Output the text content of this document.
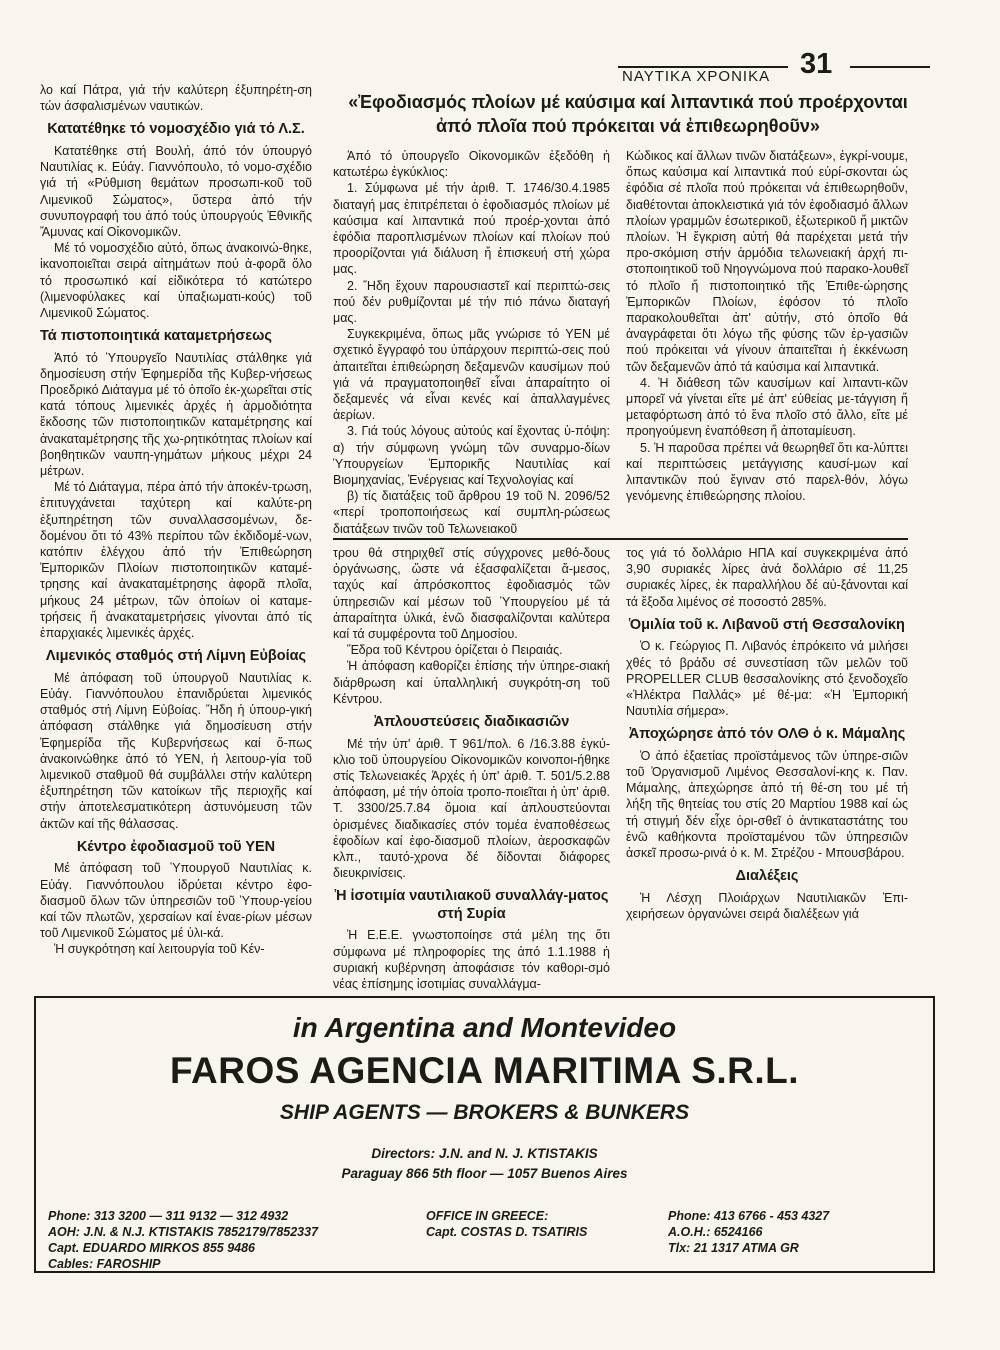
ΝΑΥΤΙΚΑ ΧΡΟΝΙΚΑ	31

λο καί Πάτρα, γιά τήν καλύτερη έξυπηρέτη-ση τών άσφαλισμένων ναυτικών.

Κατατέθηκε τό νομοσχέδιο γιά τό Λ.Σ.

Κατατέθηκε στή Βουλή, άπό τόν ύπουργό Ναυτιλίας κ. Εύάγ. Γιαννόπουλο, τό νομο-σχέδιο γιά τή «Ρύθμιση θεμάτων προσωπι-κοῦ τοῦ Λιμενικοῦ Σώματος», ὕστερα ἀπό τήν συνυπογραφή του ἀπό τούς ὑπουργούς Ἐθνικῆς Ἄμυνας καί Οἰκονομικῶν.

Μέ τό νομοσχέδιο αὐτό, ὅπως ἀνακοινώ-θηκε, ἱκανοποιεῖται σειρά αἰτημάτων πού ἀ-φορᾶ ὅλο τό προσωπικό καί εἰδικότερα τό κατώτερο (λιμενοφύλακες καί ὑπαξιωματι-κούς) τοῦ Λιμενικοῦ Σώματος.

Τά πιστοποιητικά καταμετρήσεως

Ἀπό τό Ὑπουργεῖο Ναυτιλίας στάλθηκε γιά δημοσίευση στήν Ἐφημερίδα τῆς Κυβερ-νήσεως Προεδρικό Διάταγμα μέ τό ὁποῖο ἐκ-χωρεῖται στίς κατά τόπους λιμενικές ἀρχές ἡ ἁρμοδιότητα ἔκδοσης τῶν πιστοποιητικῶν καταμέτρησης καί ἀνακαταμέτρησης τῆς χω-ρητικότητας πλοίων καί βοηθητικῶν ναυπη-γημάτων μήκους μέχρι 24 μέτρων.

Μέ τό Διάταγμα, πέρα ἀπό τήν ἀποκέν-τρωση, ἐπιτυγχάνεται ταχύτερη καί καλύτε-ρη ἐξυπηρέτηση τῶν συναλλασσομένων, δε-δομένου ὅτι τό 43% περίπου τῶν ἐκδιδομέ-νων, κατόπιν ἐλέγχου ἀπό τήν Ἐπιθεώρηση Ἐμπορικῶν Πλοίων πιστοποιητικῶν καταμέ-τρησης καί ἀνακαταμέτρησης ἀφορᾶ πλοῖα, μήκους 24 μέτρων, τῶν ὁποίων οἱ καταμε-τρήσεις ἤ ἀνακαταμετρήσεις γίνονται ἀπό τίς ἐπαρχιακές λιμενικές ἀρχές.

Λιμενικός σταθμός στή Λίμνη Εὐβοίας

Μέ ἀπόφαση τοῦ ὑπουργοῦ Ναυτιλίας κ. Εὐάγ. Γιαννόπουλου ἐπανιδρύεται λιμενικός σταθμός στή Λίμνη Εὐβοίας. Ἤδη ἡ ὑπουρ-γική ἀπόφαση στάλθηκε γιά δημοσίευση στήν Ἐφημερίδα τῆς Κυβερνήσεως καί ὅ-πως ἀνακοινώθηκε ἀπό τό ΥΕΝ, ἡ λειτουρ-γία τοῦ λιμενικοῦ σταθμοῦ θά συμβάλλει στήν καλύτερη ἐξυπηρέτηση τῶν κατοίκων τῆς περιοχῆς καί στήν ἀποτελεσματικότερη ἀστυνόμευση τῶν ἀκτῶν καί τῆς θάλασσας.

Κέντρο ἐφοδιασμοῦ τοῦ ΥΕΝ

Μέ ἀπόφαση τοῦ Ὑπουργοῦ Ναυτιλίας κ. Εὐάγ. Γιαννόπουλου ἱδρύεται κέντρο ἐφο-διασμοῦ ὅλων τῶν ὑπηρεσιῶν τοῦ Ὑπουρ-γείου καί τῶν πλωτῶν, χερσαίων καί ἐναε-ρίων μέσων τοῦ Λιμενικοῦ Σώματος μέ ὑλι-κά.

Ἡ συγκρότηση καί λειτουργία τοῦ Κέν-

«Ἐφοδιασμός πλοίων μέ καύσιμα καί λιπαντικά πού προέρχονται ἀπό πλοῖα πού πρόκειται νά ἐπιθεωρηθοῦν»

Ἀπό τό ὑπουργεῖο Οἰκονομικῶν ἐξεδόθη ἡ κατωτέρω ἐγκύκλιος:

1. Σύμφωνα μέ τήν ἀριθ. Τ. 1746/30.4.1985 διαταγή μας ἐπιτρέπεται ὁ ἐφοδιασμός πλοίων μέ καύσιμα καί λιπαντικά πού προέρ-χονται ἀπό ἐφόδια παροπλισμένων πλοίων καί πλοίων πού προορίζονται γιά διάλυση ἤ ἐπισκευή στή χώρα μας.

2. Ἤδη ἔχουν παρουσιαστεῖ καί περιπτώ-σεις πού δέν ρυθμίζονται μέ τήν πιό πάνω διαταγή μας.

Συγκεκριμένα, ὅπως μᾶς γνώρισε τό ΥΕΝ μέ σχετικό ἔγγραφό του ὑπάρχουν περιπτώ-σεις πού ἀπαιτεῖται ἐπιθεώρηση δεξαμενῶν καυσίμων πού γιά νά πραγματοποιηθεῖ εἶναι ἀπαραίτητο οἱ δεξαμενές νά εἶναι κενές καί ἀπαλλαγμένες ἀερίων.

3. Γιά τούς λόγους αὐτούς καί ἔχοντας ὑ-πόψη: α) τήν σύμφωνη γνώμη τῶν συναρμο-δίων Ὑπουργείων Ἐμπορικῆς Ναυτιλίας καί Βιομηχανίας, Ἐνέργειας καί Τεχνολογίας καί

β) τίς διατάξεις τοῦ ἄρθρου 19 τοῦ Ν. 2096/52 «περί τροποποιήσεως καί συμπλη-ρώσεως διατάξεων τινῶν τοῦ Τελωνειακοῦ

Κώδικος καί ἄλλων τινῶν διατάξεων», ἐγκρί-νουμε, ὅπως καύσιμα καί λιπαντικά πού εὑρί-σκονται ὡς ἐφόδια σέ πλοῖα πού πρόκειται νά ἐπιθεωρηθοῦν, διαθέτονται ἀποκλειστικά γιά τόν ἐφοδιασμό ἄλλων πλοίων γραμμῶν ἐσωτερικοῦ, ἐξωτερικοῦ ἤ μικτῶν πλοίων. Ἡ ἔγκριση αὐτή θά παρέχεται μετά τήν προ-σκόμιση στήν ἁρμόδια τελωνειακή ἀρχή πι-στοποιητικοῦ τοῦ Νηογνώμονα πού παρακο-λουθεῖ τό πλοῖο ἤ πιστοποιητικό τῆς Ἐπιθε-ώρησης Ἐμπορικῶν Πλοίων, ἐφόσον τό πλοῖο παρακολουθεῖται ἀπ' αὐτήν, στό ὁποῖο θά ἀναγράφεται ὅτι λόγω τῆς φύσης τῶν ἐρ-γασιῶν πού πρόκειται νά γίνουν ἀπαιτεῖται ἡ ἐκκένωση τῶν δεξαμενῶν ἀπό τά καύσιμα καί λιπαντικά.

4. Ἡ διάθεση τῶν καυσίμων καί λιπαντι-κῶν μπορεῖ νά γίνεται εἴτε μέ ἀπ' εὐθείας με-τάγγιση ἤ μεταφόρτωση ἀπό τό ἕνα πλοῖο στό ἄλλο, εἴτε μέ προηγούμενη ἐναπόθεση ἤ ἀποταμίευση.

5. Ἡ παροῦσα πρέπει νά θεωρηθεῖ ὅτι κα-λύπτει καί περιπτώσεις μετάγγισης καυσί-μων καί λιπαντικῶν πού ἔγιναν στό παρελ-θόν, λόγω γενόμενης ἐπιθεώρησης πλοίου.

τρου θά στηριχθεῖ στίς σύγχρονες μεθό-δους ὀργάνωσης, ὥστε νά ἐξασφαλίζεται ἄ-μεσος, ταχύς καί ἀπρόσκοπτος ἐφοδιασμός τῶν ὑπηρεσιῶν καί μέσων τοῦ Ὑπουργείου μέ τά ἀπαραίτητα ὑλικά, ἐνῶ διασφαλίζονται καλύτερα καί τά συμφέροντα τοῦ Δημοσίου.

Ἕδρα τοῦ Κέντρου ὁρίζεται ὁ Πειραιάς.

Ἡ ἀπόφαση καθορίζει ἐπίσης τήν ὑπηρε-σιακή διάρθρωση καί ὑπαλληλική συγκρότη-ση τοῦ Κέντρου.

Ἀπλουστεύσεις διαδικασιῶν

Μέ τήν ὑπ' ἀριθ. Τ 961/πολ. 6 /16.3.88 ἐγκύ-κλιο τοῦ ὑπουργείου Οἰκονομικῶν κοινοποι-ήθηκε στίς Τελωνειακές Ἀρχές ἡ ὑπ' ἀριθ. Τ. 501/5.2.88 ἀπόφαση, μέ τήν ὁποία τροπο-ποιεῖται ἡ ὑπ' ἀριθ. Τ. 3300/25.7.84 ὅμοια καί ἀπλουστεύονται ὁρισμένες διαδικασίες στόν τομέα ἐναποθέσεως ἐφοδίων καί ἐφο-διασμοῦ πλοίων, ἀεροσκαφῶν κλπ., ταυτό-χρονα δέ δίδονται διάφορες διευκρινίσεις.

Ἡ ἰσοτιμία ναυτιλιακοῦ συναλλάγ-ματος στή Συρία

Ἡ Ε.Ε.Ε. γνωστοποίησε στά μέλη της ὅτι σύμφωνα μέ πληροφορίες της ἀπό 1.1.1988 ἡ συριακή κυβέρνηση ἀποφάσισε τόν καθορι-σμό νέας ἐπίσημης ἰσοτιμίας συναλλάγμα-

τος γιά τό δολλάριο ΗΠΑ καί συγκεκριμένα ἀπό 3,90 συριακές λίρες ἀνά δολλάριο σέ 11,25 συριακές λίρες, ἐκ παραλλήλου δέ αὐ-ξάνονται καί τά ἔξοδα λιμένος σέ ποσοστό 285%.

Ὁμιλία τοῦ κ. Λιβανοῦ στή Θεσσαλονίκη

Ὁ κ. Γεώργιος Π. Λιβανός ἐπρόκειτο νά μιλήσει χθές τό βράδυ σέ συνεστίαση τῶν μελῶν τοῦ PROPELLER CLUB θεσσαλονίκης στό ξενοδοχεῖο «Ἠλέκτρα Παλλάς» μέ θέ-μα: «Ἡ Ἐμπορική Ναυτιλία σήμερα».

Ἀποχώρησε ἀπό τόν ΟΛΘ ὁ κ. Μάμαλης

Ὁ ἀπό ἐξαετίας προϊστάμενος τῶν ὑπηρε-σιῶν τοῦ Ὀργανισμοῦ Λιμένος Θεσσαλονί-κης κ. Παν. Μάμαλης, ἀπεχώρησε ἀπό τή θέ-ση του μέ τή λήξη τῆς θητείας του στίς 20 Μαρτίου 1988 καί ὡς τή στιγμή δέν εἶχε ὁρι-σθεῖ ὁ ἀντικαταστάτης του ἐνῶ καθήκοντα προϊσταμένου τῶν ὑπηρεσιῶν ἀσκεῖ προσω-ρινά ὁ κ. Μ. Στρέζου - Μπουσβάρου.

Διαλέξεις

Ἡ Λέσχη Πλοιάρχων Ναυτιλιακῶν Ἐπι-χειρήσεων ὀργανώνει σειρά διαλέξεων γιά

in Argentina and Montevideo
FAROS AGENCIA MARITIMA S.R.L.
SHIP AGENTS — BROKERS & BUNKERS
Directors: J.N. and N. J. KTISTAKIS
Paraguay 866 5th floor — 1057 Buenos Aires
Phone: 313 3200 — 311 9132 — 312 4932
AOH: J.N. & N.J. KTISTAKIS 7852179/7852337
Capt. EDUARDO MIRKOS 855 9486
Cables: FAROSHIP
OFFICE IN GREECE:
Capt. COSTAS D. TSATIRIS
Phone: 413 6766 - 453 4327
A.O.H.: 6524166
Tlx: 21 1317 ATMA GR
